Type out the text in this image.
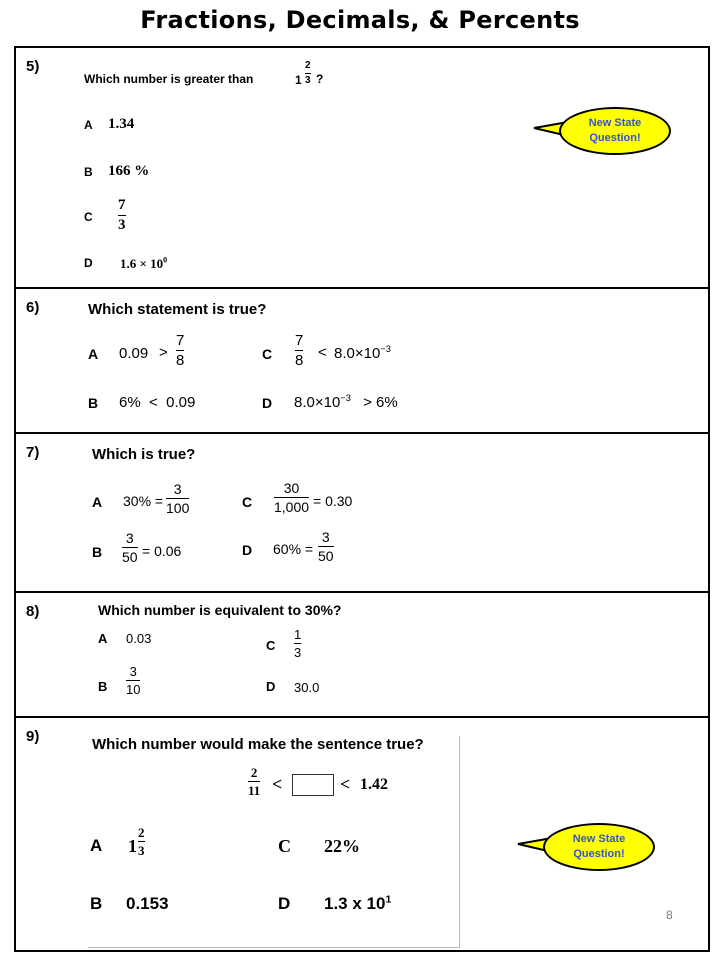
Fractions, Decimals, & Percents
5)
Which number is greater than	1
2
3 ?
A 1.34
B 166 %
C
7
3
D $1.6 \times 10^0$
New State
Question!
6)	Which statement is true?
A 0.09 >
7
8
B 6%  <  0.09
C
7
$8 < 8.0\times 10^{-3}$
D $8.0\times 10^{-3} > 6\%$
7)	Which is true?
A 30% =
3
100
B
3
50 = 0.06
C
30
1,000 = 0.30
D 60% =
3
50
8)	Which number is equivalent to 30%?
A 0.03
B
3
10
C
1
3
D 30.0
9)	Which number would make the sentence true?
2
11 <	< 1.42
A 1
2
3
B 0.153
C 22%
D 1.3 x $10^1$
8
New State
Question!
